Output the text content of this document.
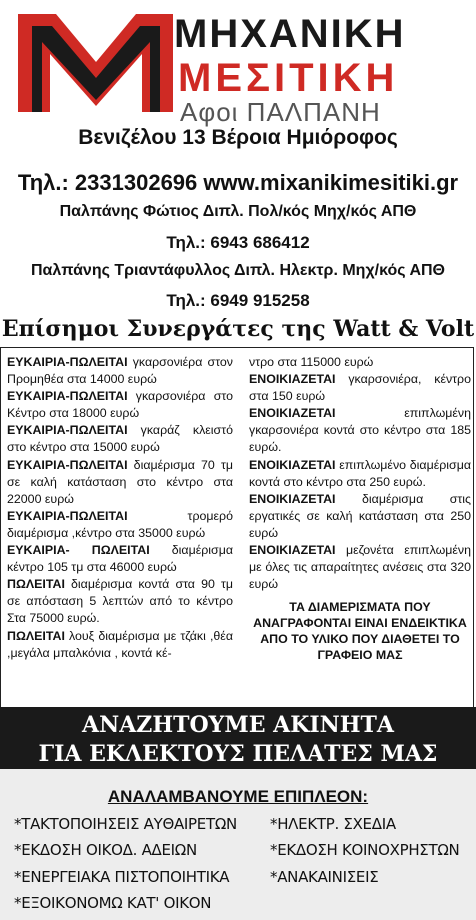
ΜΗΧΑΝΙΚΗ
ΜΕΣΙΤΙΚΗ
Αφοι ΠΑΛΠΑΝΗ
Βενιζέλου 13 Βέροια Ημιόροφος
Τηλ.: 2331302696 www.mixanikimesitiki.gr
Παλπάνης Φώτιος Διπλ. Πολ/κός Μηχ/κός ΑΠΘ
Τηλ.: 6943 686412
Παλπάνης Τριαντάφυλλος Διπλ. Ηλεκτρ. Μηχ/κός ΑΠΘ
Τηλ.: 6949 915258
Επίσημοι Συνεργάτες της Watt & Volt
ΕΥΚΑΙΡΙΑ-ΠΩΛΕΙΤΑΙ γκαρσονιέρα στον Προμηθέα στα 14000 ευρώ
ΕΥΚΑΙΡΙΑ-ΠΩΛΕΙΤΑΙ γκαρσονιέρα στο Κέντρο στα 18000 ευρώ
ΕΥΚΑΙΡΙΑ-ΠΩΛΕΙΤΑΙ γκαράζ κλειστό στο κέντρο στα 15000 ευρώ
ΕΥΚΑΙΡΙΑ-ΠΩΛΕΙΤΑΙ διαμέρισμα 70 τμ σε καλή κατάσταση στο κέντρο στα 22000 ευρώ
ΕΥΚΑΙΡΙΑ-ΠΩΛΕΙΤΑΙ τρομερό διαμέρισμα ,κέντρο στα 35000 ευρώ
ΕΥΚΑΙΡΙΑ- ΠΩΛΕΙΤΑΙ διαμέρισμα κέντρο 105 τμ στα 46000 ευρώ
ΠΩΛΕΙΤΑΙ διαμέρισμα κοντά στα 90 τμ σε απόσταση 5 λεπτών από το κέντρο Στα 75000 ευρώ.
ΠΩΛΕΙΤΑΙ λουξ διαμέρισμα με τζάκι ,θέα ,μεγάλα μπαλκόνια , κοντά κέ-
ντρο στα 115000 ευρώ
ΕΝΟΙΚΙΑΖΕΤΑΙ γκαρσονιέρα, κέντρο στα 150 ευρώ
ΕΝΟΙΚΙΑΖΕΤΑΙ επιπλωμένη γκαρσονιέρα κοντά στο κέντρο στα 185 ευρώ.
ΕΝΟΙΚΙΑΖΕΤΑΙ επιπλωμένο διαμέρισμα κοντά στο κέντρο στα 250 ευρώ.
ΕΝΟΙΚΙΑΖΕΤΑΙ διαμέρισμα στις εργατικές σε καλή κατάσταση στα 250 ευρώ
ΕΝΟΙΚΙΑΖΕΤΑΙ μεζονέτα επιπλωμένη με όλες τις απαραίτητες ανέσεις στα 320 ευρώ
ΤΑ ΔΙΑΜΕΡΙΣΜΑΤΑ ΠΟΥ ΑΝΑΓΡΑΦΟΝΤΑΙ ΕΙΝΑΙ ΕΝΔΕΙΚΤΙΚΑ ΑΠΟ ΤΟ ΥΛΙΚΟ ΠΟΥ ΔΙΑΘΕΤΕΙ ΤΟ ΓΡΑΦΕΙΟ ΜΑΣ
ΑΝΑΖΗΤΟΥΜΕ ΑΚΙΝΗΤΑ
ΓΙΑ ΕΚΛΕΚΤΟΥΣ ΠΕΛΑΤΕΣ ΜΑΣ
ΑΝΑΛΑΜΒΑΝΟΥΜΕ ΕΠΙΠΛΕΟΝ:
*ΤΑΚΤΟΠΟΙΗΣΕΙΣ ΑΥΘΑΙΡΕΤΩΝ
*ΕΚΔΟΣΗ ΟΙΚΟΔ. ΑΔΕΙΩΝ
*ΕΝΕΡΓΕΙΑΚΑ ΠΙΣΤΟΠΟΙΗΤΙΚΑ
*ΕΞΟΙΚΟΝΟΜΩ ΚΑΤ' ΟΙΚΟΝ
*ΗΛΕΚΤΡ. ΣΧΕΔΙΑ
*ΕΚΔΟΣΗ ΚΟΙΝΟΧΡΗΣΤΩΝ
*ΑΝΑΚΑΙΝΙΣΕΙΣ
